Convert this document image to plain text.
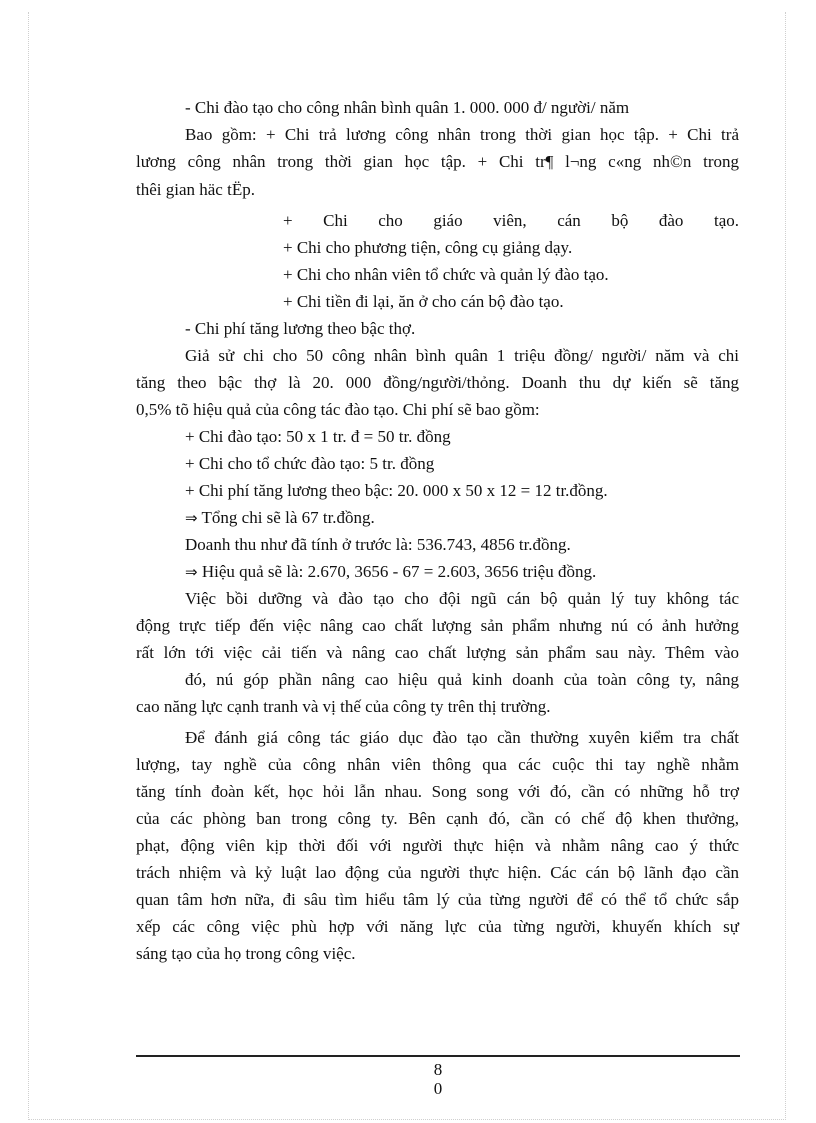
- Chi đào tạo cho công nhân bình quân 1. 000. 000 đ/ người/ năm
Bao gồm: + Chi trả lương công nhân trong thời gian học tập. + Chi trả
lương công nhân trong thời gian học tập. + Chi tr¶ l¬ng c«ng nh©n trong
thêi gian häc tËp.
+ Chi cho giáo viên, cán bộ đào tạo.
+ Chi cho phương tiện, công cụ giảng dạy.
+ Chi cho nhân viên tổ chức và quản lý đào tạo.
+ Chi tiền đi lại, ăn ở cho cán bộ đào tạo.
- Chi phí tăng lương theo bậc thợ.
Giả sử chi cho 50 công nhân bình quân 1 triệu đồng/ người/ năm và chi
tăng theo bậc thợ là 20. 000 đồng/người/thỏng. Doanh thu dự kiến sẽ tăng
0,5% tõ hiệu quả của công tác đào tạo. Chi phí sẽ bao gồm:
+ Chi đào tạo: 50 x 1 tr. đ = 50 tr. đồng
+ Chi cho tổ chức đào tạo: 5 tr. đồng
+ Chi phí tăng lương theo bậc: 20. 000 x 50 x 12 = 12 tr.đồng.
⇒ Tổng chi sẽ là 67 tr.đồng.
Doanh thu như đã tính ở trước là: 536.743, 4856 tr.đồng.
⇒ Hiệu quả sẽ là: 2.670, 3656 - 67 = 2.603, 3656 triệu đồng.
Việc bồi dưỡng và đào tạo cho đội ngũ cán bộ quản lý tuy không tác
động trực tiếp đến việc nâng cao chất lượng sản phẩm nhưng nú có ảnh hưởng
rất lớn tới việc cải tiến và nâng cao chất lượng sản phẩm sau này. Thêm vào
đó, nú góp phần nâng cao hiệu quả kinh doanh của toàn công ty, nâng
cao năng lực cạnh tranh và vị thế của công ty trên thị trường.
Để đánh giá công tác giáo dục đào tạo cần thường xuyên kiểm tra chất
lượng, tay nghề của công nhân viên thông qua các cuộc thi tay nghề nhằm
tăng tính đoàn kết, học hỏi lẫn nhau. Song song với đó, cần có những hỗ trợ
của các phòng ban trong công ty. Bên cạnh đó, cần có chế độ khen thưởng,
phạt, động viên kịp thời đối với người thực hiện và nhằm nâng cao ý thức
trách nhiệm và kỷ luật lao động của người thực hiện. Các cán bộ lãnh đạo cần
quan tâm hơn nữa, đi sâu tìm hiểu tâm lý của từng người để có thể tổ chức sắp
xếp các công việc phù hợp với năng lực của từng người, khuyến khích sự
sáng tạo của họ trong công việc.
8
0
